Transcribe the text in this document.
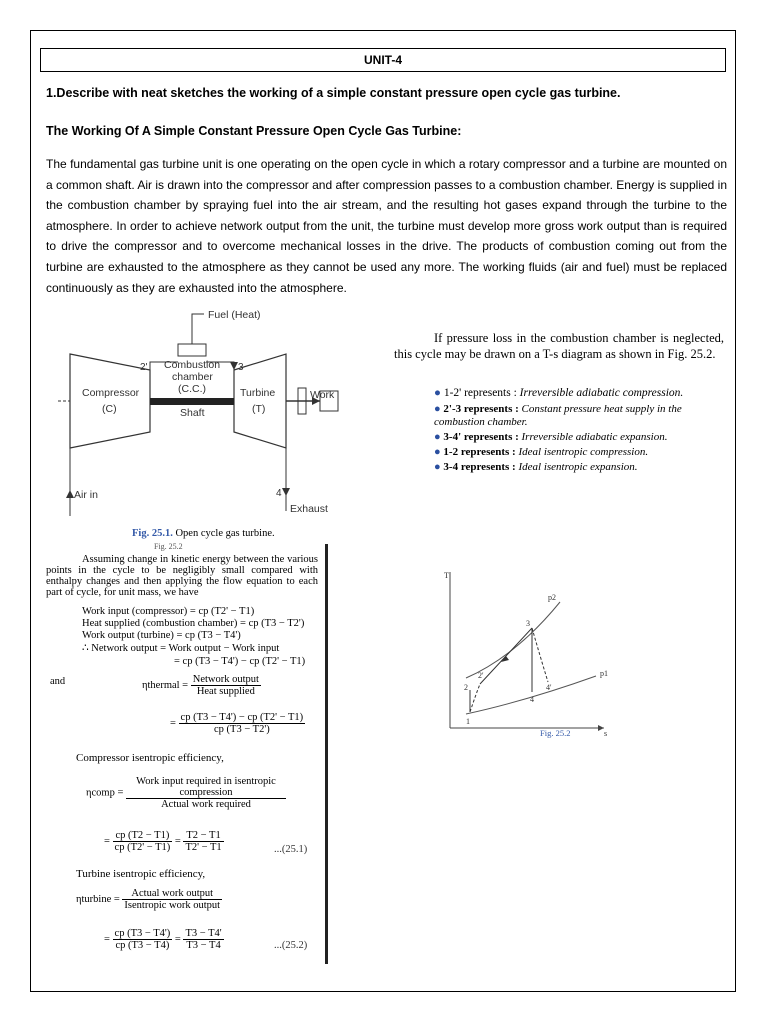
UNIT-4
1.Describe with neat sketches the working of a simple constant pressure open cycle gas turbine.
The Working Of A Simple Constant Pressure Open Cycle Gas Turbine:
The fundamental gas turbine unit is one operating on the open cycle in which a rotary compressor and a turbine are mounted on a common shaft. Air is drawn into the compressor and after compression passes to a combustion chamber. Energy is supplied in the combustion chamber by spraying fuel into the air stream, and the resulting hot gases expand through the turbine to the atmosphere. In order to achieve network output from the unit, the turbine must develop more gross work output than is required to drive the compressor and to overcome mechanical losses in the drive. The products of combustion coming out from the turbine are exhausted to the atmosphere as they cannot be used any more. The working fluids (air and fuel) must be replaced continuously as they are exhausted into the atmosphere.
Fuel (Heat)
Combustion
chamber
(C.C.)
Compressor
(C)
Turbine
(T)
Shaft
Work
Air in
Exhaust
2'	3
4
Fig. 25.1. Open cycle gas turbine.
If pressure loss in the combustion chamber is neglected, this cycle may be drawn on a T-s diagram as shown in Fig. 25.2.
● 1-2' represents : Irreversible adiabatic compression.
● 2'-3 represents : Constant pressure heat supply in the combustion chamber.
● 3-4' represents : Irreversible adiabatic expansion.
● 1-2 represents : Ideal isentropic compression.
● 3-4 represents : Ideal isentropic expansion.
Fig. 25.2
Assuming change in kinetic energy between the various points in the cycle to be negligibly small compared with enthalpy changes and then applying the flow equation to each part of cycle, for unit mass, we have
Work input (compressor) = cp (T2' − T1)
Heat supplied (combustion chamber) = cp (T3 − T2')
Work output (turbine) = cp (T3 − T4')
∴ Network output = Work output − Work input
= cp (T3 − T4') − cp (T2' − T1)
and	ηthermal = $\frac{\text{Network output}}{\text{Heat supplied}}$
= $\frac{cp (T3 - T4') - cp (T2' - T1)}{cp (T3 - T2')}$
Compressor isentropic efficiency,
ηcomp = $\frac{\text{Work input required in isentropic compression}}{\text{Actual work required}}$
= $\frac{cp (T2 - T1)}{cp (T2' - T1)} = \frac{T2 - T1}{T2' - T1}$	...(25.1)
Turbine isentropic efficiency,
ηturbine = $\frac{\text{Actual work output}}{\text{Isentropic work output}}$
= $\frac{cp (T3 - T4')}{cp (T3 - T4)} = \frac{T3 - T4'}{T3 - T4}$	...(25.2)
T
s
p2
p1
1
2
2'
3
4
4'
Fig. 25.2
